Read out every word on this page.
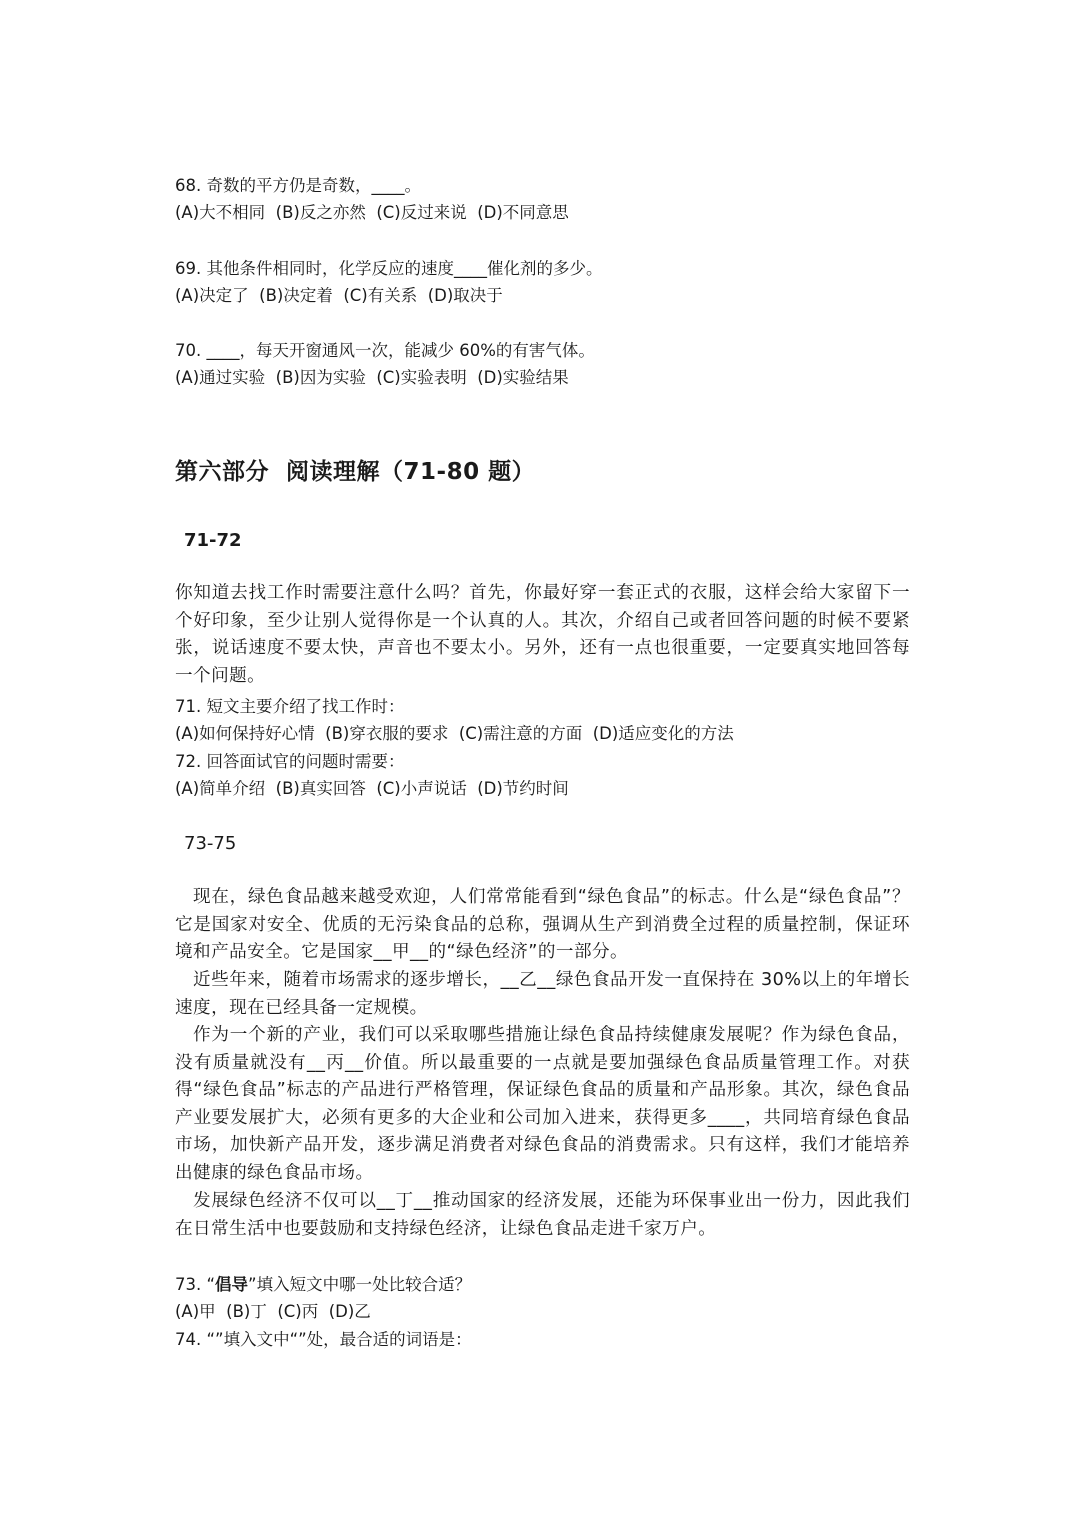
68. 奇数的平方仍是奇数，____。

(A)大不相同  (B)反之亦然  (C)反过来说  (D)不同意思

69. 其他条件相同时，化学反应的速度____催化剂的多少。

(A)决定了  (B)决定着  (C)有关系  (D)取决于

70. ____，每天开窗通风一次，能减少 60%的有害气体。

(A)通过实验  (B)因为实验  (C)实验表明  (D)实验结果

第六部分  阅读理解（71-80 题）

71-72

你知道去找工作时需要注意什么吗？首先，你最好穿一套正式的衣服，这样会给大家留下一个好印象，至少让别人觉得你是一个认真的人。其次，介绍自己或者回答问题的时候不要紧张，说话速度不要太快，声音也不要太小。另外，还有一点也很重要，一定要真实地回答每一个问题。

71. 短文主要介绍了找工作时：

(A)如何保持好心情  (B)穿衣服的要求  (C)需注意的方面  (D)适应变化的方法

72. 回答面试官的问题时需要：

(A)简单介绍  (B)真实回答  (C)小声说话  (D)节约时间

73-75

现在，绿色食品越来越受欢迎，人们常常能看到“绿色食品”的标志。什么是“绿色食品”？它是国家对安全、优质的无污染食品的总称，强调从生产到消费全过程的质量控制，保证环境和产品安全。它是国家__甲__的“绿色经济”的一部分。

近些年来，随着市场需求的逐步增长，__乙__绿色食品开发一直保持在 30%以上的年增长速度，现在已经具备一定规模。

作为一个新的产业，我们可以采取哪些措施让绿色食品持续健康发展呢？作为绿色食品，没有质量就没有__丙__价值。所以最重要的一点就是要加强绿色食品质量管理工作。对获得“绿色食品”标志的产品进行严格管理，保证绿色食品的质量和产品形象。其次，绿色食品产业要发展扩大，必须有更多的大企业和公司加入进来，获得更多____，共同培育绿色食品市场，加快新产品开发，逐步满足消费者对绿色食品的消费需求。只有这样，我们才能培养出健康的绿色食品市场。

发展绿色经济不仅可以__丁__推动国家的经济发展，还能为环保事业出一份力，因此我们在日常生活中也要鼓励和支持绿色经济，让绿色食品走进千家万户。

73. “倡导”填入短文中哪一处比较合适？

(A)甲  (B)丁  (C)丙  (D)乙

74. “”填入文中“”处，最合适的词语是：
